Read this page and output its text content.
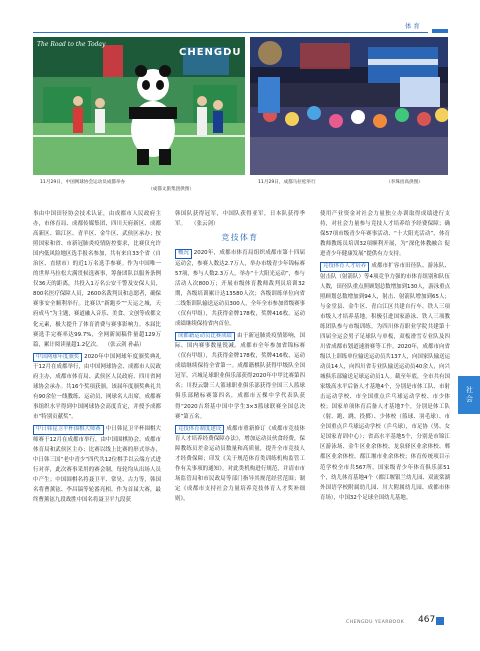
体育
The Road to the Today
CHENGDU
11月29日，中国网球协会运动员成都举办
（成都文旅集团供图）
11月29日，成都马拉松举行	（李珠宙高供图）

事由中国田径协会技术认证，由成都市人民政府主办，市体育局、成都传媒集团、四川天府新区、成都高新区、锦江区、青羊区、金牛区、武侯区承办；按照国家和省、市新冠肺炎疫情防控要求，比赛仅允许国内低风险地区选手报名参加，共有来自33个省（自治区、直辖市）的近1万名选手参赛。作为中国唯一的世界马拉松大满贯候选赛事，筹备团队以服务条例仅36天的距离，共投入1万名公安干警及安保人员，800名医疗保障人员，2600名裁判员和志愿者，确保赛事安全顺利举行。比赛以“新跑乡”“天运之城，天府成马”为主题，赛道融入音乐、美食、文创等成都文化元素，极大提升了体育消费与赛事影响力。本届比赛选手完赛率达99.7%，全网新闻稿件量超129万篇，累计阅读量超1.2亿次。 （张云剑 孙晶）

中国网球年度颁奖 2020年中国网球年度颁奖典礼于12月在成都举行，由中国网球协会、成都市人民政府主办，成都市体育局、武侯区人民政府、四川省网球协会承办。共16个奖项获颁，该届年度颁奖典礼共有90余位一线教练、运动员、网球名人出席，成都赛事组织水平得到中国网球协会高度肯定，并授予成都市“特别贡献奖”。

中日韩昆卫平杯围棋大师赛 中日韩昆卫平杯围棋大师赛于12月在成都市举行，由中国围棋协会、成都市体育局和武侯区主办；比赛以线上比赛的形式举办，中日韩三国“老中青少”四代共12位棋手以云端方式进行对弈，此次赛事采用的赛会制，每轮均从出场人员中产生；中国围棋名将聂卫平、常昊、古力等，韩国名将曹薰铉、李昌镐等轮番亮相。作为首届大赛，最终曹薰铉九段战胜中国名将聂卫平九段获

韩国队获得冠军，中国队获得亚军，日本队获得季军。 （张云剑）

竞技体育

概况 2020年，成都市体育局组织成都市第十四届运动会，参赛人数达2.7万人，举办市级青少年锦标赛57项，参与人数2.3万人，举办“十大阳光运动”，参与活动人次800万；开展市级体育教师裁判员培训32期，各级培训累计达13580人次；各级训练单位向省二线集训队输送运动员300人，全年全市参加省级赛事（仅有甲组），共获得金牌178枚，奖牌416枚。运动成绩继续保持省内首位。

成都籍运动员比赛成绩 由于新冠肺炎疫情影响，国际、国内赛事数量锐减。成都市全年参加省锦标赛（仅有甲组），共获得金牌178枚，奖牌416枚，运动成绩继续保持全省第一。成都籍棋队获得甲级队全国冠军，兴城足球职业俱乐部获得2020年中甲比赛第四名；川投云翳三人篮球职业俱乐部获得全国三人篮球俱乐部精标赛第四名，成都市五棵中学代表队获得“2020吉塔基中国中学生3×3篮球联赛全国总决赛”第五名。

竞技体育制度建设 成都市重新修订《成都市竞技体育人才培养经费保障办法》，增加运动员伙食经费，保障教练员差金运动员数量和高质量，提升全市竞技人才经费保障；印发《关于规范体育类训练机构监管工作有关事项的通知》，对此类机构进行规范，并请市市场监管局和市民政局等部门指导其规范经营范围；制定《成都市支持社会力量培养竞技体育人才奖补细则》，

使用产业资金对社会力量独立办训取得成绩进行支持，对社会力量参与竞技人才培养给予经费保障；确保57项市级青少年赛事活动、“十大阳光活动”、体育教师教练员培训32项顺利开展，为“深化体教融合 促进青少年健康发展”提供有力支持。

竞技体育人才培养 成都市扩容市田径队、游泳队、射击队（射箭队）等4项竞争力强的市体育组别和队伍人数，田径队重点照顾划总数增加到130人，游泳重点照顾划总数增加到94人，射击、射箭队增加到65人；与金堂县、金牛区、青白江区共建自行车、铁人三项市级人才培养基地，积极引进国家游泳、铁人三项教练团队参与市级训练。为四川体育职业学院共建第十四届全运会男子足球队与单板，双板滑雪专业队及四川省成都市划道速滑赛等工作。2020年，成都市向省级以上训练单位输送运动员共137人，向国家队输送运动员14人，向四川省专业队输送运动员40余人，向兴城俱乐部输送足球运动员1人。截至年底，全市共有国家级高水平后备人才基地4个，分别是市体工队、市射击运动学校、市全国重点乒乓球运动学校、市少体校；国家单项体育后备人才基地7个，分别是体工队（射、跑、跳、投掷）、少体校（篮球、羽毛球）、市全国重点乒乓球运动学校（乒乓球），市足协（男、女足国家青训中心）；省高水平基地5个，分别是市锦江区游泳场、金牛区业余体校、龙泉驿区业余体校、郫都区业余体校、都江堰市业余体校；体育传统项目示范学校全市共567所。国家级青少年体育俱乐部51个，幼儿体育基地4个（都江堰银兰幼儿园、双流棠湖外国语学校附属幼儿园、川大附属幼儿园、成都市体育场），中国32个足球全国幼儿基地。

社会
CHENGDU YEARBOOK 467
